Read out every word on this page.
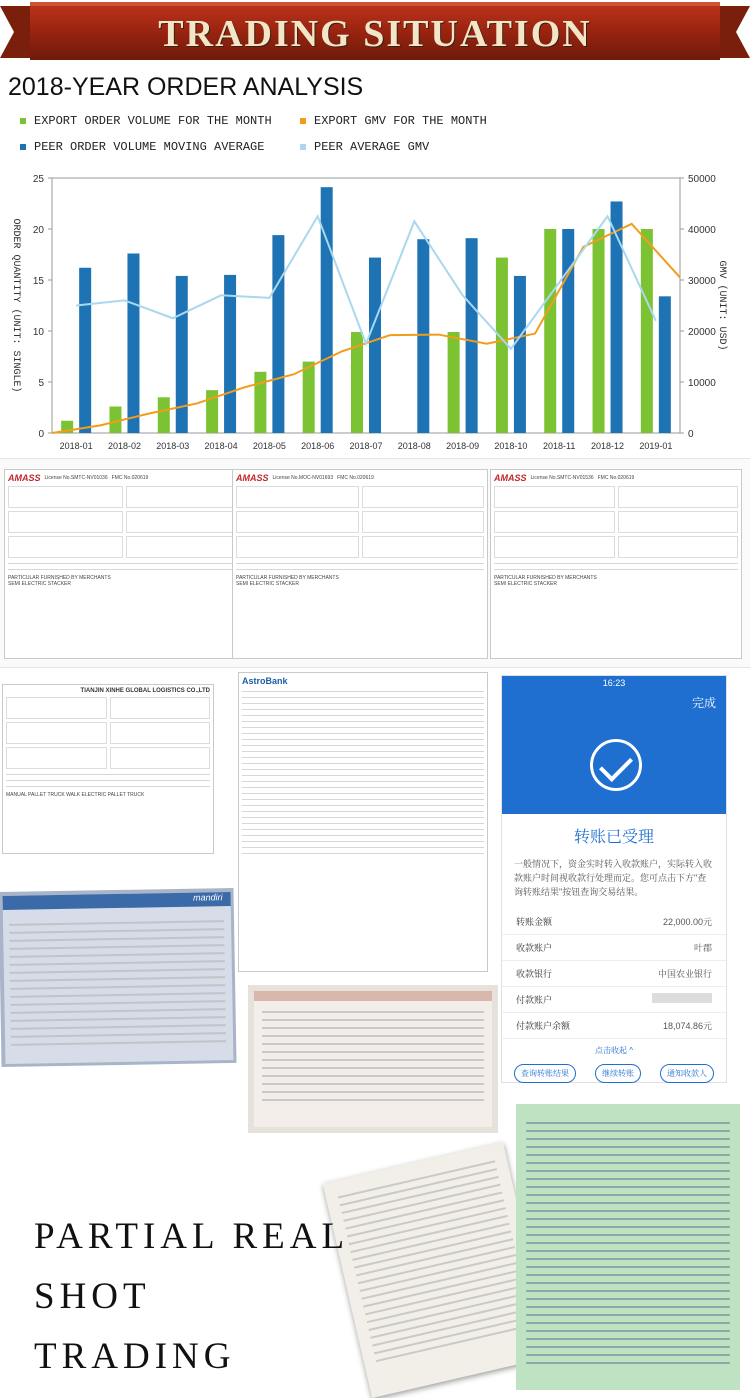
TRADING SITUATION
2018-YEAR ORDER ANALYSIS
EXPORT ORDER VOLUME FOR THE MONTH	EXPORT GMV FOR THE MONTH
PEER ORDER VOLUME MOVING AVERAGE	PEER AVERAGE GMV
0
5
10
15
20
25
0
10000
20000
30000
40000
50000
ORDER QUANTITY (UNIT: SINGLE)	GMV (UNIT: USD)
2018-01 2018-02 2018-03 2018-04 2018-05 2018-06 2018-07 2018-08 2018-09 2018-10 2018-11 2018-12 2019-01
AMASS License No.SMTC-NV01036 FMC No.020619
PARTICULAR FURNISHED BY MERCHANTS
SEMI ELECTRIC STACKER
AMASS License No.MOC-NV01693 FMC No.020619
PARTICULAR FURNISHED BY MERCHANTS
SEMI ELECTRIC STACKER
AMASS License No.SMTC-NV01536 FMC No.020619
PARTICULAR FURNISHED BY MERCHANTS
SEMI ELECTRIC STACKER
TIANJIN XINHE GLOBAL LOGISTICS CO.,LTD
MANUAL PALLET TRUCK WALK ELECTRIC PALLET TRUCK
AstroBank
mandiri
16:23
完成
转账已受理
一般情况下，资金实时转入收款账户，实际转入收款账户时间视收款行处理而定。您可点击下方"查询转账结果"按钮查询交易结果。
转账金额	22,000.00元
收款账户	叶郡
收款银行	中国农业银行
付款账户
付款账户余额	18,074.86元
点击收起 ^
查询转账结果	继续转账	通知收款人
PARTIAL REAL
SHOT
TRADING
